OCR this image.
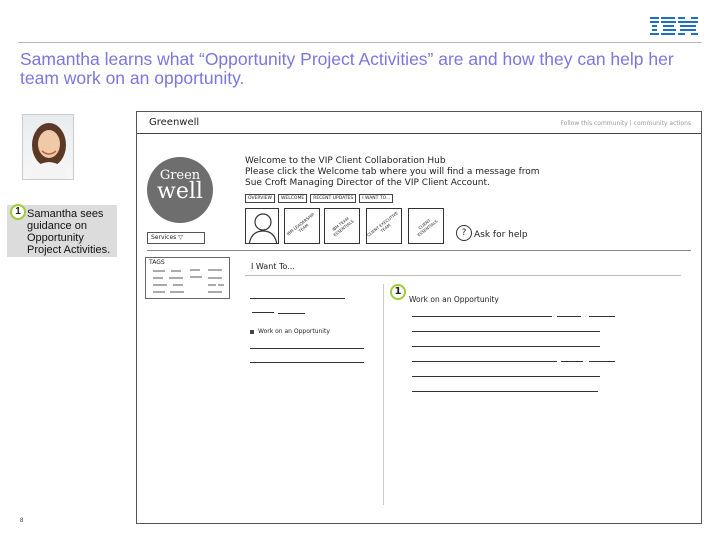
Samantha learns what “Opportunity Project Activities” are and how they can help her team work on an opportunity.
Samantha sees guidance on Opportunity Project Activities.
1
8
Greenwell	Follow this community | community actions
Green
well
Services ▽
Welcome to the VIP Client Collaboration Hub
Please click the Welcome tab where you will find a message from
Sue Croft Managing Director of the VIP Client Account.
OVERVIEW	WELCOME	RECENT UPDATES	I WANT TO...
IBM LEADERSHIP TEAM	IBM TEAM ESSENTIALS	CLIENT EXECUTIVE TEAM	CLIENT ESSENTIALS	? Ask for help
TAGS	I Want To...
Work on an Opportunity
1
Work on an Opportunity
